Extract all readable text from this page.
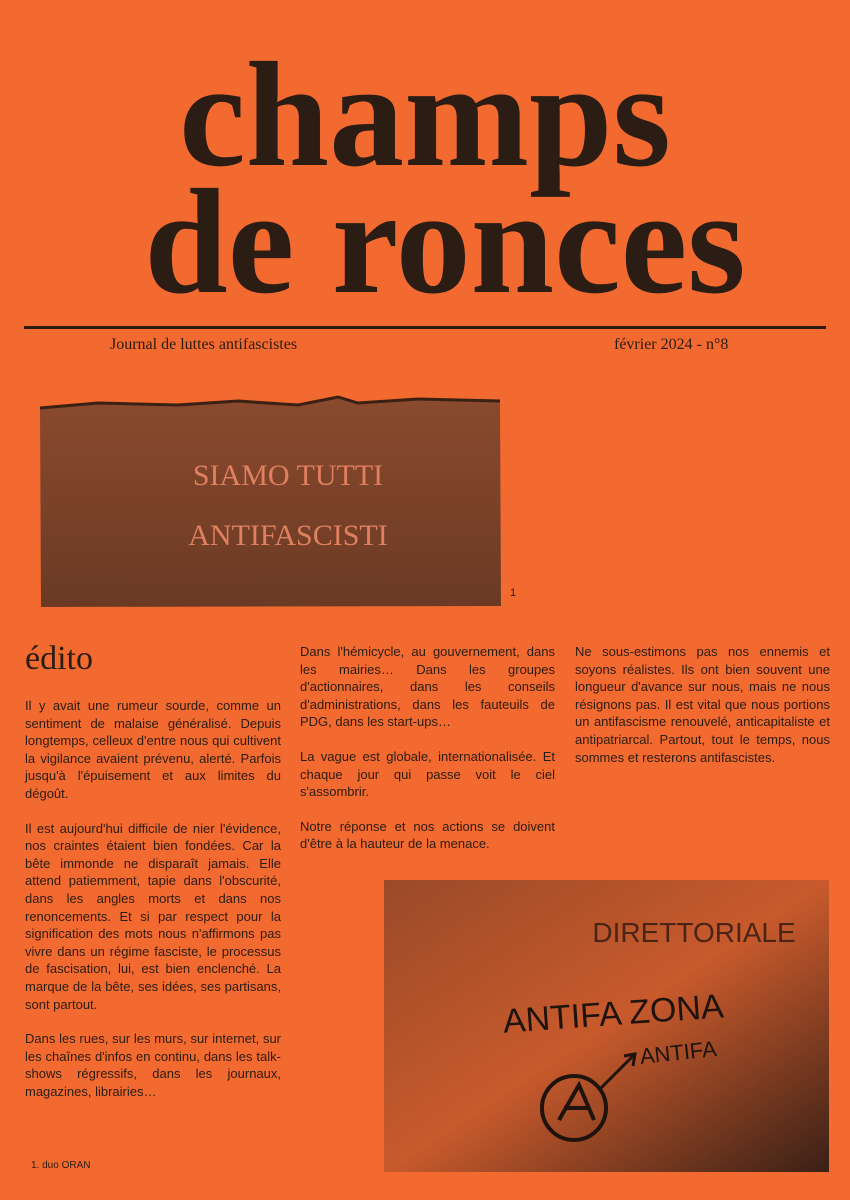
champs
de ronces
Journal de luttes antifascistes	février 2024 - n°8
SIAMO TUTTI
ANTIFASCISTI
1
édito

Il y avait une rumeur sourde, comme un sentiment de malaise généralisé. Depuis longtemps, celleux d'entre nous qui cultivent la vigilance avaient prévenu, alerté. Parfois jusqu'à l'épuisement et aux limites du dégoût.

Il est aujourd'hui difficile de nier l'évidence, nos craintes étaient bien fondées. Car la bête immonde ne disparaît jamais. Elle attend patiemment, tapie dans l'obscurité, dans les angles morts et dans nos renoncements. Et si par respect pour la signification des mots nous n'affirmons pas vivre dans un régime fasciste, le processus de fascisation, lui, est bien enclenché. La marque de la bête, ses idées, ses partisans, sont partout.

Dans les rues, sur les murs, sur internet, sur les chaînes d'infos en continu, dans les talk-shows régressifs, dans les journaux, magazines, librairies…

Dans l'hémicycle, au gouvernement, dans les mairies… Dans les groupes d'actionnaires, dans les conseils d'administrations, dans les fauteuils de PDG, dans les start-ups…

La vague est globale, internationalisée. Et chaque jour qui passe voit le ciel s'assombrir.

Notre réponse et nos actions se doivent d'être à la hauteur de la menace.

Ne sous-estimons pas nos ennemis et soyons réalistes. Ils ont bien souvent une longueur d'avance sur nous, mais ne nous résignons pas. Il est vital que nous portions un antifascisme renouvelé, anticapitaliste et antipatriarcal. Partout, tout le temps, nous sommes et resterons antifascistes.

DIRETTORIALE
ANTIFA ZONA
ANTIFA
1. duo ORAN
